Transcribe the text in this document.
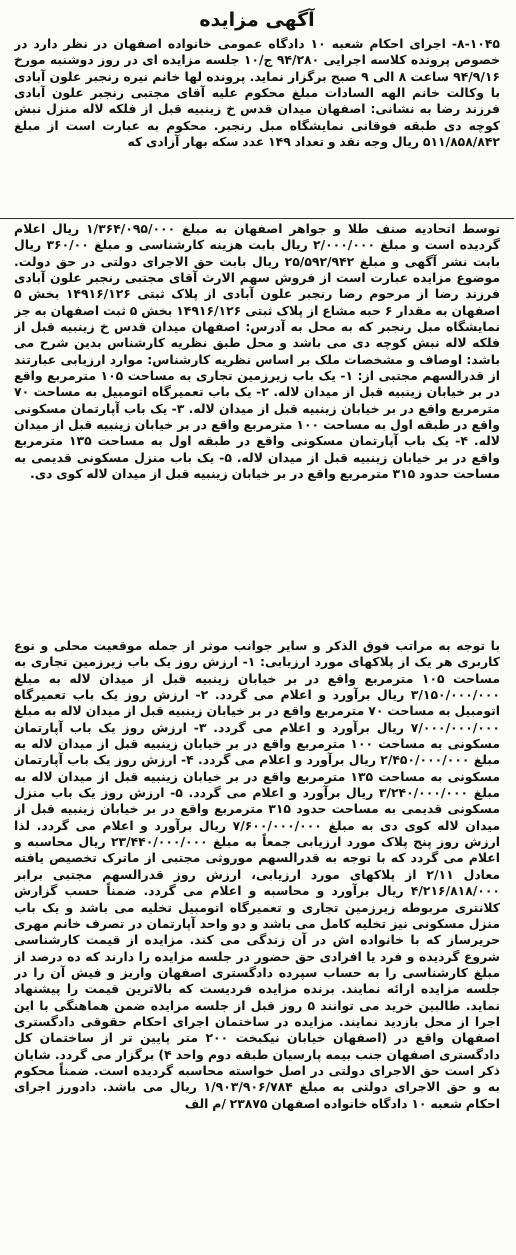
آگهی مزایده

۸-۱۰۴۵- اجرای احکام شعبه ۱۰ دادگاه عمومی خانواده اصفهان در نظر دارد در خصوص پرونده کلاسه اجرایی ۹۴/۲۸۰ ج/۱۰ جلسه مزایده ای در روز دوشنبه مورخ ۹۴/۹/۱۶ ساعت ۸ الی ۹ صبح برگزار نماید. پرونده لها خانم نیره رنجبر علون آبادی با وکالت خانم الهه السادات مبلغ محکوم علیه آقای مجتبی رنجبر علون آبادی فرزند رضا به نشانی: اصفهان میدان قدس خ زینبیه قبل از فلکه لاله منزل نبش کوچه دی طبقه فوقانی نمایشگاه مبل رنجبر. محکوم به عبارت است از مبلغ ۵۱۱/۸۵۸/۸۴۲ ریال وجه نقد و تعداد ۱۴۹ عدد سکه بهار آزادی که

توسط اتحادیه صنف طلا و جواهر اصفهان به مبلغ ۱/۳۶۴/۰۹۵/۰۰۰ ریال اعلام گردیده است و مبلغ ۲/۰۰۰/۰۰۰ ریال بابت هزینه کارشناسی و مبلغ ۳۶۰/۰۰ ریال بابت نشر آگهی و مبلغ ۲۵/۵۹۲/۹۴۲ ریال بابت حق الاجرای دولتی در حق دولت. موضوع مزایده عبارت است از فروش سهم الارث آقای مجتبی رنجبر علون آبادی فرزند رضا از مرحوم رضا رنجبر علون آبادی از پلاک ثبتی ۱۴۹۱۶/۱۲۶ بخش ۵ اصفهان به مقدار ۶ حبه مشاع از پلاک ثبتی ۱۴۹۱۶/۱۲۶ بخش ۵ ثبت اصفهان به جز نمایشگاه مبل رنجبر که به محل به آدرس: اصفهان میدان قدس خ زینبیه قبل از فلکه لاله نبش کوچه دی می باشد و محل طبق نظریه کارشناس بدین شرح می باشد: اوصاف و مشخصات ملک بر اساس نظریه کارشناس: موارد ارزیابی عبارتند از قدرالسهم مجتبی از: ۱- یک باب زیرزمین تجاری به مساحت ۱۰۵ مترمربع واقع در بر خیابان زینبیه قبل از میدان لاله. ۲- یک باب تعمیرگاه اتومبیل به مساحت ۷۰ مترمربع واقع در بر خیابان زینبیه قبل از میدان لاله. ۳- یک باب آپارتمان مسکونی واقع در طبقه اول به مساحت ۱۰۰ مترمربع واقع در بر خیابان زینبیه قبل از میدان لاله. ۴- یک باب آپارتمان مسکونی واقع در طبقه اول به مساحت ۱۳۵ مترمربع واقع در بر خیابان زینبیه قبل از میدان لاله. ۵- یک باب منزل مسکونی قدیمی به مساحت حدود ۳۱۵ مترمربع واقع در بر خیابان زینبیه قبل از میدان لاله کوی دی.

با توجه به مراتب فوق الذکر و سایر جوانب موثر از جمله موقعیت محلی و نوع کاربری هر یک از پلاکهای مورد ارزیابی: ۱- ارزش روز یک باب زیرزمین تجاری به مساحت ۱۰۵ مترمربع واقع در بر خیابان زینبیه قبل از میدان لاله به مبلغ ۳/۱۵۰/۰۰۰/۰۰۰ ریال برآورد و اعلام می گردد. ۲- ارزش روز یک باب تعمیرگاه اتومبیل به مساحت ۷۰ مترمربع واقع در بر خیابان زینبیه قبل از میدان لاله به مبلغ ۷/۰۰۰/۰۰۰/۰۰۰ ریال برآورد و اعلام می گردد. ۳- ارزش روز یک باب آپارتمان مسکونی به مساحت ۱۰۰ مترمربع واقع در بر خیابان زینبیه قبل از میدان لاله به مبلغ ۲/۴۵۰/۰۰۰/۰۰۰ ریال برآورد و اعلام می گردد. ۴- ارزش روز یک باب آپارتمان مسکونی به مساحت ۱۳۵ مترمربع واقع در بر خیابان زینبیه قبل از میدان لاله به مبلغ ۳/۲۴۰/۰۰۰/۰۰۰ ریال برآورد و اعلام می گردد. ۵- ارزش روز یک باب منزل مسکونی قدیمی به مساحت حدود ۳۱۵ مترمربع واقع در بر خیابان زینبیه قبل از میدان لاله کوی دی به مبلغ ۷/۶۰۰/۰۰۰/۰۰۰ ریال برآورد و اعلام می گردد. لذا ارزش روز پنج پلاک مورد ارزیابی جمعاً به مبلغ ۲۳/۴۴۰/۰۰۰/۰۰۰ ریال محاسبه و اعلام می گردد که با توجه به قدرالسهم موروثی مجتبی از ماترک تخصیص یافته معادل ۲/۱۱ از پلاکهای مورد ارزیابی، ارزش روز قدرالسهم مجتبی برابر ۴/۲۱۶/۸۱۸/۰۰۰ ریال برآورد و محاسبه و اعلام می گردد. ضمناً حسب گزارش کلانتری مربوطه زیرزمین تجاری و تعمیرگاه اتومبیل تخلیه می باشد و یک باب منزل مسکونی نیز تخلیه کامل می باشد و دو واحد آپارتمان در تصرف خانم مهری حریرساز که با خانواده اش در آن زندگی می کند. مزایده از قیمت کارشناسی شروع گردیده و فرد یا افرادی حق حضور در جلسه مزایده را دارند که ده درصد از مبلغ کارشناسی را به حساب سپرده دادگستری اصفهان واریز و فیش آن را در جلسه مزایده ارائه نمایند. برنده مزایده فردیست که بالاترین قیمت را پیشنهاد نماید. طالبین خرید می توانند ۵ روز قبل از جلسه مزایده ضمن هماهنگی با این اجرا از محل بازدید نمایند. مزایده در ساختمان اجرای احکام حقوقی دادگستری اصفهان واقع در (اصفهان خیابان نیکبخت ۲۰۰ متر پایین تر از ساختمان کل دادگستری اصفهان جنب بیمه پارسیان طبقه دوم واحد ۴) برگزار می گردد. شایان ذکر است حق الاجرای دولتی در اصل خواسته محاسبه گردیده است. ضمناً محکوم به و حق الاجرای دولتی به مبلغ ۱/۹۰۳/۹۰۶/۷۸۴ ریال می باشد. دادورز اجرای احکام شعبه ۱۰ دادگاه خانواده اصفهان ۲۳۸۷۵ /م الف
